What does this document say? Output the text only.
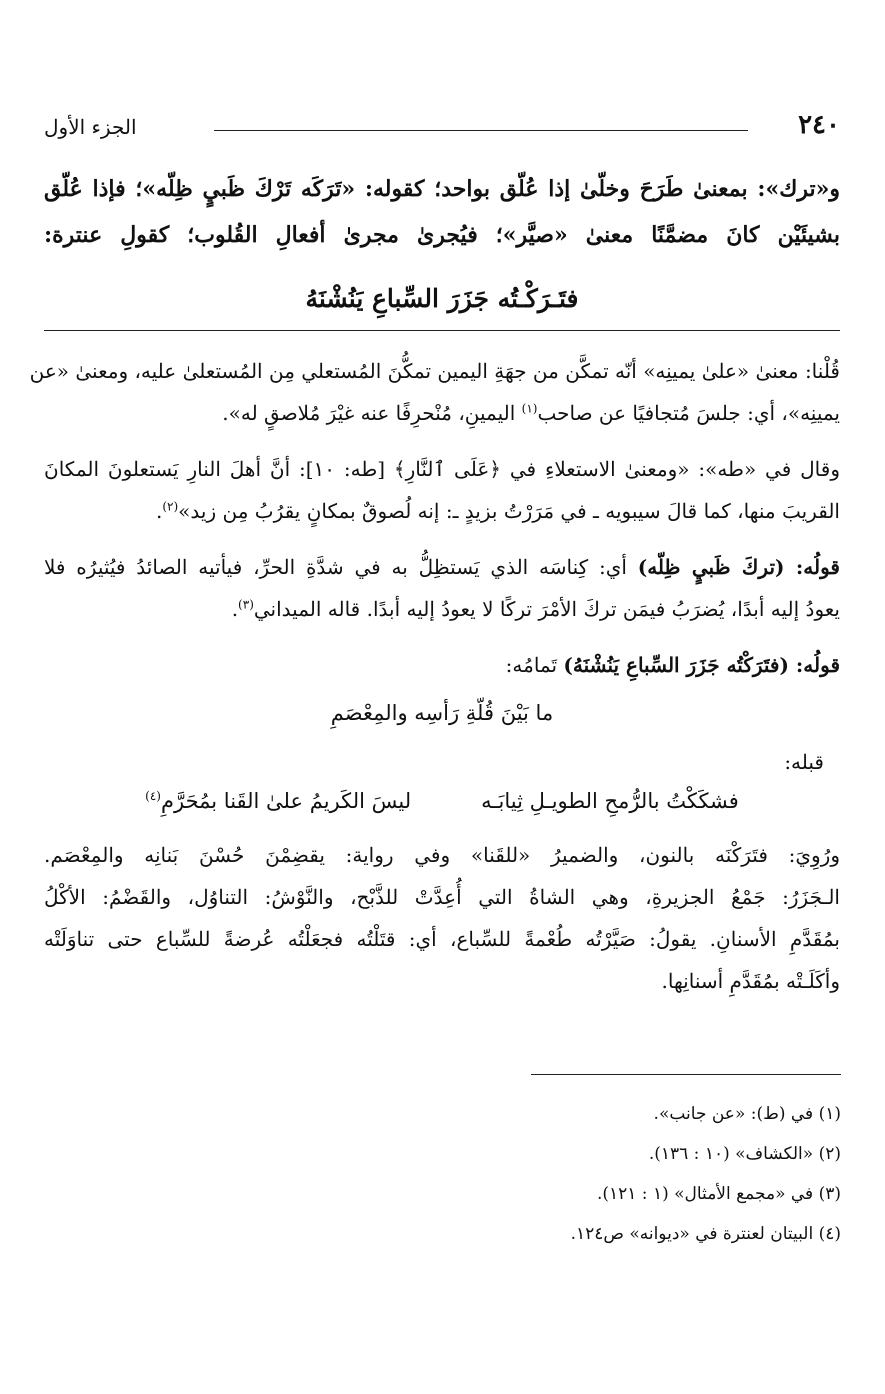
٢٤٠
الجزء الأول
و«ترك»: بمعنىٰ طَرَحَ وخلّىٰ إذا عُلّق بواحد؛ كقوله: «تَرَكَه تَرْكَ ظَبيٍ ظِلّه»؛ فإذا عُلّق
بشيئَيْن كانَ مضمَّنًا معنىٰ «صيَّر»؛ فيُجرىٰ مجرىٰ أفعالِ القُلوب؛ كقولِ عنترة:
فتَـرَكْـتُه جَزَرَ السِّباعِ يَنُشْنَهُ
قُلْنا: معنىٰ «علىٰ يمينِه» أنّه تمكَّن من جهَةِ اليمين تمكُّنَ المُستعلي مِن المُستعلىٰ عليه، ومعنىٰ «عن
يمينِه»، أي: جلسَ مُتجافيًا عن صاحب$^{(١)}$ اليمينِ، مُنْحرِفًا عنه غيْرَ مُلاصقٍ له».
وقال في «طه»: «ومعنىٰ الاستعلاءِ في ﴿عَلَى ٱلنَّارِ﴾ [طه: ١٠]: أنَّ أهلَ النارِ يَستعلونَ المكانَ
القريبَ منها، كما قالَ سيبويه ـ في مَرَرْتُ بزيدٍ ـ: إنه لُصوقٌ بمكانٍ يقرُبُ مِن زيد»$^{(٢)}$.
قولُه: (تركَ ظَبيٍ ظِلّه) أي: كِناسَه الذي يَستظِلُّ به في شدَّةِ الحرِّ، فيأتيه الصائدُ فيُثيرُه فلا
يعودُ إليه أبدًا، يُضرَبُ فيمَن تركَ الأمْرَ تركًا لا يعودُ إليه أبدًا. قاله الميداني$^{(٣)}$.
قولُه: (فتَرَكْتُه جَزَرَ السِّباعِ يَنُشْنَهُ) تَمامُه:
ما بَيْنَ قُلّةِ رَأسِه والمِعْصَمِ
قبله:
فشكَكْتُ بالرُّمحِ الطويـلِ ثِيابَـه
ليسَ الكَريمُ علىٰ القَنا بمُحَرَّمِ$^{(٤)}$
ورُوِيَ: فتَرَكْنَه بالنون، والضميرُ «للقَنا» وفي رواية: يقضِمْنَ حُسْنَ بَنانِه والمِعْصَم.
الـجَزَرُ: جَمْعُ الجزيرةِ، وهي الشاةُ التي أُعِدَّتْ للذَّبْح، والنَّوْشُ: التناوُل، والقَضْمُ: الأكْلُ
بمُقَدَّمِ الأسنانِ. يقولُ: صَيَّرْتُه طُعْمةً للسِّباع، أي: قتَلْتُه فجعَلْتُه عُرضةً للسِّباع حتى تناوَلَتْه
وأكَلَـتْه بمُقَدَّمِ أسنانِها.
(١) في (ط): «عن جانب».
(٢) «الكشاف» (١٠ : ١٣٦).
(٣) في «مجمع الأمثال» (١ : ١٢١).
(٤) البيتان لعنترة في «ديوانه» ص١٢٤.
